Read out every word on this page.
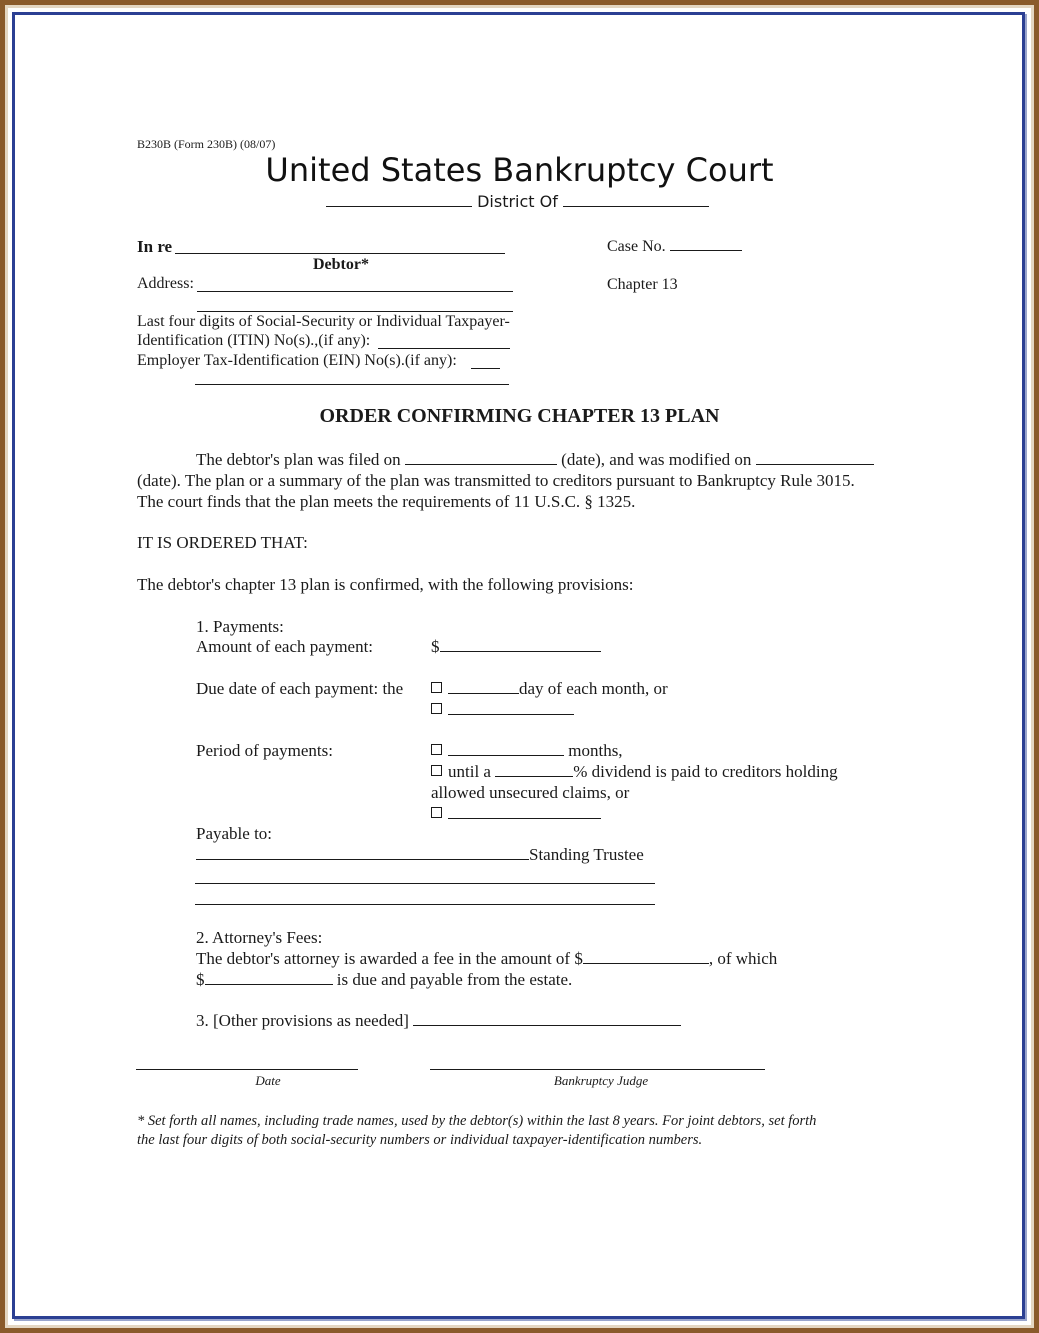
B230B (Form 230B) (08/07)
United States Bankruptcy Court
District Of
In re
Debtor*
Address:
Last four digits of Social-Security or Individual Taxpayer-
Identification (ITIN) No(s).,(if any):
Employer Tax-Identification (EIN) No(s).(if any):
Case No.
Chapter 13
ORDER CONFIRMING CHAPTER 13 PLAN
The debtor's plan was filed on	(date), and was modified on
(date). The plan or a summary of the plan was transmitted to creditors pursuant to Bankruptcy Rule 3015.
The court finds that the plan meets the requirements of 11 U.S.C. § 1325.
IT IS ORDERED THAT:
The debtor's chapter 13 plan is confirmed, with the following provisions:
1. Payments:
Amount of each payment:	$
Due date of each payment: the	day of each month, or
Period of payments:	months,
until a	% dividend is paid to creditors holding
allowed unsecured claims, or
Payable to:
Standing Trustee
2. Attorney's Fees:
The debtor's attorney is awarded a fee in the amount of $	, of which
$	is due and payable from the estate.
3. [Other provisions as needed]
Date	Bankruptcy Judge
* Set forth all names, including trade names, used by the debtor(s) within the last 8 years. For joint debtors, set forth
the last four digits of both social-security numbers or individual taxpayer-identification numbers.
